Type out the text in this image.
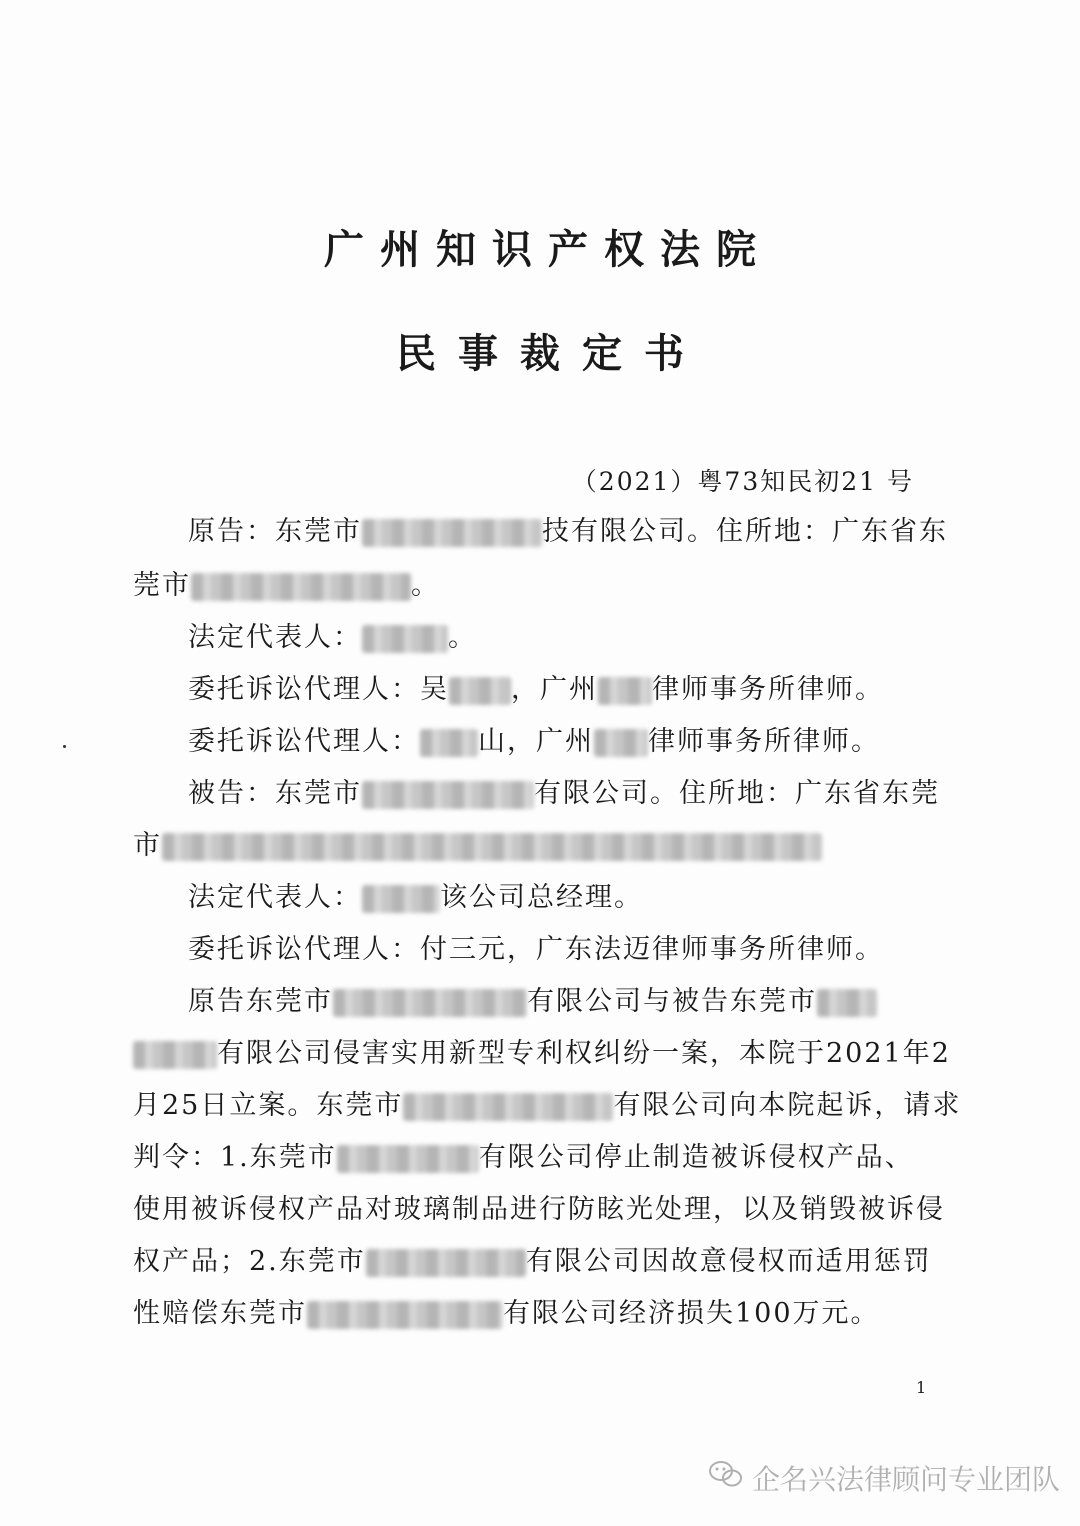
广州知识产权法院
民事裁定书
（2021）粤73知民初21 号
原告：东莞市	技有限公司。住所地：广东省东
莞市	。
法定代表人：	。
委托诉讼代理人：吴 ，广州 律师事务所律师。
委托诉讼代理人： 山，广州 律师事务所律师。
被告：东莞市	有限公司。住所地：广东省东莞
市
法定代表人：	该公司总经理。
委托诉讼代理人：付三元，广东法迈律师事务所律师。
原告东莞市	有限公司与被告东莞市
有限公司侵害实用新型专利权纠纷一案，本院于2021年2
月25日立案。东莞市	有限公司向本院起诉，请求
判令：1.东莞市	有限公司停止制造被诉侵权产品、
使用被诉侵权产品对玻璃制品进行防眩光处理，以及销毁被诉侵
权产品；2.东莞市	有限公司因故意侵权而适用惩罚
性赔偿东莞市	有限公司经济损失100万元。
1
企名兴法律顾问专业团队
